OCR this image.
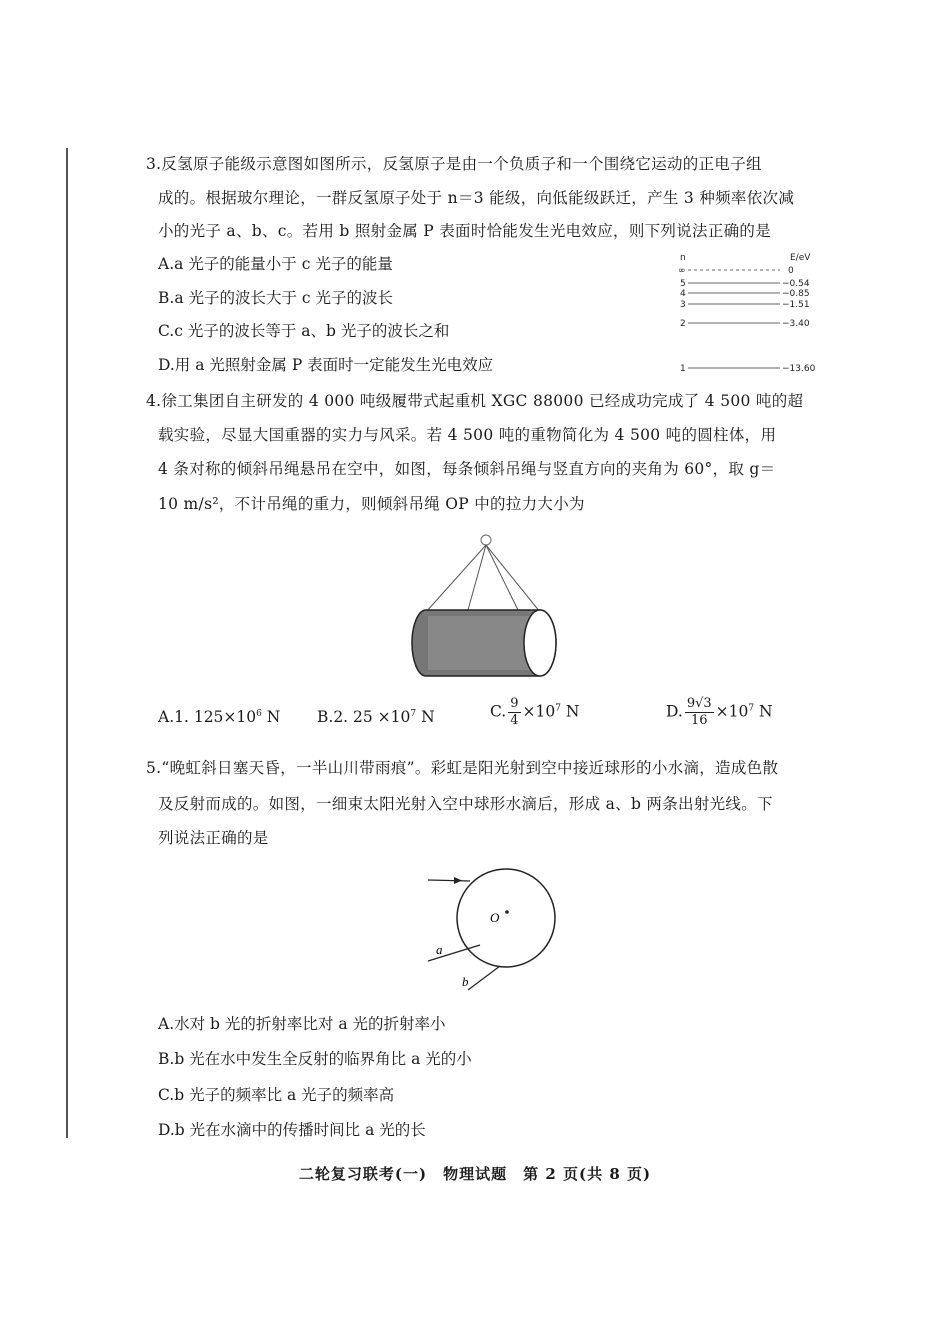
3.反氢原子能级示意图如图所示，反氢原子是由一个负质子和一个围绕它运动的正电子组
成的。根据玻尔理论，一群反氢原子处于 n＝3 能级，向低能级跃迁，产生 3 种频率依次减
小的光子 a、b、c。若用 b 照射金属 P 表面时恰能发生光电效应，则下列说法正确的是
A.a 光子的能量小于 c 光子的能量
B.a 光子的波长大于 c 光子的波长
C.c 光子的波长等于 a、b 光子的波长之和
D.用 a 光照射金属 P 表面时一定能发生光电效应
n	E/eV
∞	0
5	−0.54
4	−0.85
3	−1.51
2	−3.40
1	−13.60
4.徐工集团自主研发的 4 000 吨级履带式起重机 XGC 88000 已经成功完成了 4 500 吨的超
载实验，尽显大国重器的实力与风采。若 4 500 吨的重物简化为 4 500 吨的圆柱体，用
4 条对称的倾斜吊绳悬吊在空中，如图，每条倾斜吊绳与竖直方向的夹角为 60°，取 g＝
10 m/s²，不计吊绳的重力，则倾斜吊绳 OP 中的拉力大小为
A.1. $125\times 10^6$ N B.2. $25 \times 10^7$ N	C. $\frac{9}{4} \times 10^7$ N	D. $\frac{9√3}{16} \times 10^7$ N
5.“晚虹斜日塞天昏，一半山川带雨痕”。彩虹是阳光射到空中接近球形的小水滴，造成色散
及反射而成的。如图，一细束太阳光射入空中球形水滴后，形成 a、b 两条出射光线。下
列说法正确的是
O
a
b
A.水对 b 光的折射率比对 a 光的折射率小
B.b 光在水中发生全反射的临界角比 a 光的小
C.b 光子的频率比 a 光子的频率高
D.b 光在水滴中的传播时间比 a 光的长
二轮复习联考(一)　物理试题　第 2 页(共 8 页)
